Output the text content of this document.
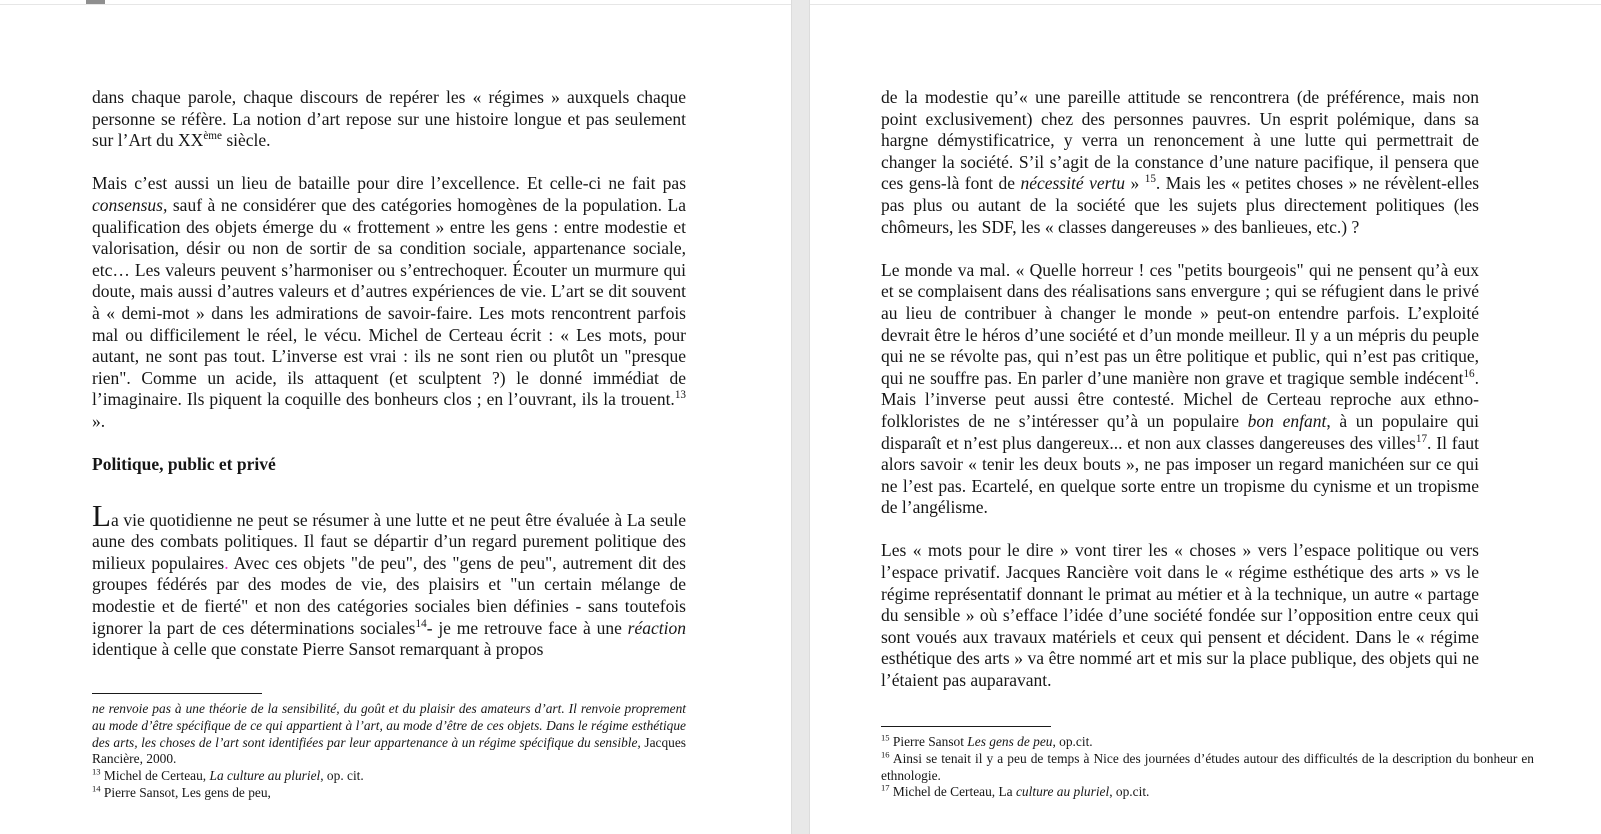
dans chaque parole, chaque discours de repérer les « régimes » auxquels chaque personne se réfère. La notion d’art repose sur une histoire longue et pas seulement sur l’Art du XXème siècle.

Mais c’est aussi un lieu de bataille pour dire l’excellence. Et celle-ci ne fait pas consensus, sauf à ne considérer que des catégories homogènes de la population. La qualification des objets émerge du « frottement » entre les gens : entre modestie et valorisation, désir ou non de sortir de sa condition sociale, appartenance sociale, etc… Les valeurs peuvent s’harmoniser ou s’entrechoquer. Écouter un murmure qui doute, mais aussi d’autres valeurs et d’autres expériences de vie. L’art se dit souvent à « demi-mot » dans les admirations de savoir-faire. Les mots rencontrent parfois mal ou difficilement le réel, le vécu. Michel de Certeau écrit : « Les mots, pour autant, ne sont pas tout. L’inverse est vrai : ils ne sont rien ou plutôt un "presque rien". Comme un acide, ils attaquent (et sculptent ?) le donné immédiat de l’imaginaire. Ils piquent la coquille des bonheurs clos ; en l’ouvrant, ils la trouent.$^{13}$ ».

Politique, public et privé

La vie quotidienne ne peut se résumer à une lutte et ne peut être évaluée à La seule aune des combats politiques. Il faut se départir d’un regard purement politique des milieux populaires. Avec ces objets "de peu", des "gens de peu", autrement dit des groupes fédérés par des modes de vie, des plaisirs et "un certain mélange de modestie et de fierté" et non des catégories sociales bien définies - sans toutefois ignorer la part de ces déterminations sociales$^{14}$- je me retrouve face à une réaction identique à celle que constate Pierre Sansot remarquant à propos

ne renvoie pas à une théorie de la sensibilité, du goût et du plaisir des amateurs d’art. Il renvoie proprement au mode d’être spécifique de ce qui appartient à l’art, au mode d’être de ces objets. Dans le régime esthétique des arts, les choses de l’art sont identifiées par leur appartenance à un régime spécifique du sensible, Jacques Rancière, 2000.

$^{13}$ Michel de Certeau, La culture au pluriel, op. cit.

$^{14}$ Pierre Sansot, Les gens de peu,

de la modestie qu’« une pareille attitude se rencontrera (de préférence, mais non point exclusivement) chez des personnes pauvres. Un esprit polémique, dans sa hargne démystificatrice, y verra un renoncement à une lutte qui permettrait de changer la société. S’il s’agit de la constance d’une nature pacifique, il pensera que ces gens-là font de nécessité vertu » $^{15}$. Mais les « petites choses » ne révèlent-elles pas plus ou autant de la société que les sujets plus directement politiques (les chômeurs, les SDF, les « classes dangereuses » des banlieues, etc.) ?

Le monde va mal. « Quelle horreur ! ces "petits bourgeois" qui ne pensent qu’à eux et se complaisent dans des réalisations sans envergure ; qui se réfugient dans le privé au lieu de contribuer à changer le monde » peut-on entendre parfois. L’exploité devrait être le héros d’une société et d’un monde meilleur. Il y a un mépris du peuple qui ne se révolte pas, qui n’est pas un être politique et public, qui n’est pas critique, qui ne souffre pas. En parler d’une manière non grave et tragique semble indécent$^{16}$. Mais l’inverse peut aussi être contesté. Michel de Certeau reproche aux ethno- folkloristes de ne s’intéresser qu’à un populaire bon enfant, à un populaire qui disparaît et n’est plus dangereux... et non aux classes dangereuses des villes$^{17}$. Il faut alors savoir « tenir les deux bouts », ne pas imposer un regard manichéen sur ce qui ne l’est pas. Ecartelé, en quelque sorte entre un tropisme du cynisme et un tropisme de l’angélisme.

Les « mots pour le dire » vont tirer les « choses » vers l’espace politique ou vers l’espace privatif. Jacques Rancière voit dans le « régime esthétique des arts » vs le régime représentatif donnant le primat au métier et à la technique, un autre « partage du sensible » où s’efface l’idée d’une société fondée sur l’opposition entre ceux qui sont voués aux travaux matériels et ceux qui pensent et décident. Dans le « régime esthétique des arts » va être nommé art et mis sur la place publique, des objets qui ne l’étaient pas auparavant.

$^{15}$ Pierre Sansot Les gens de peu, op.cit.

$^{16}$ Ainsi se tenait il y a peu de temps à Nice des journées d’études autour des difficultés de la description du bonheur en ethnologie.

$^{17}$ Michel de Certeau, La culture au pluriel, op.cit.
